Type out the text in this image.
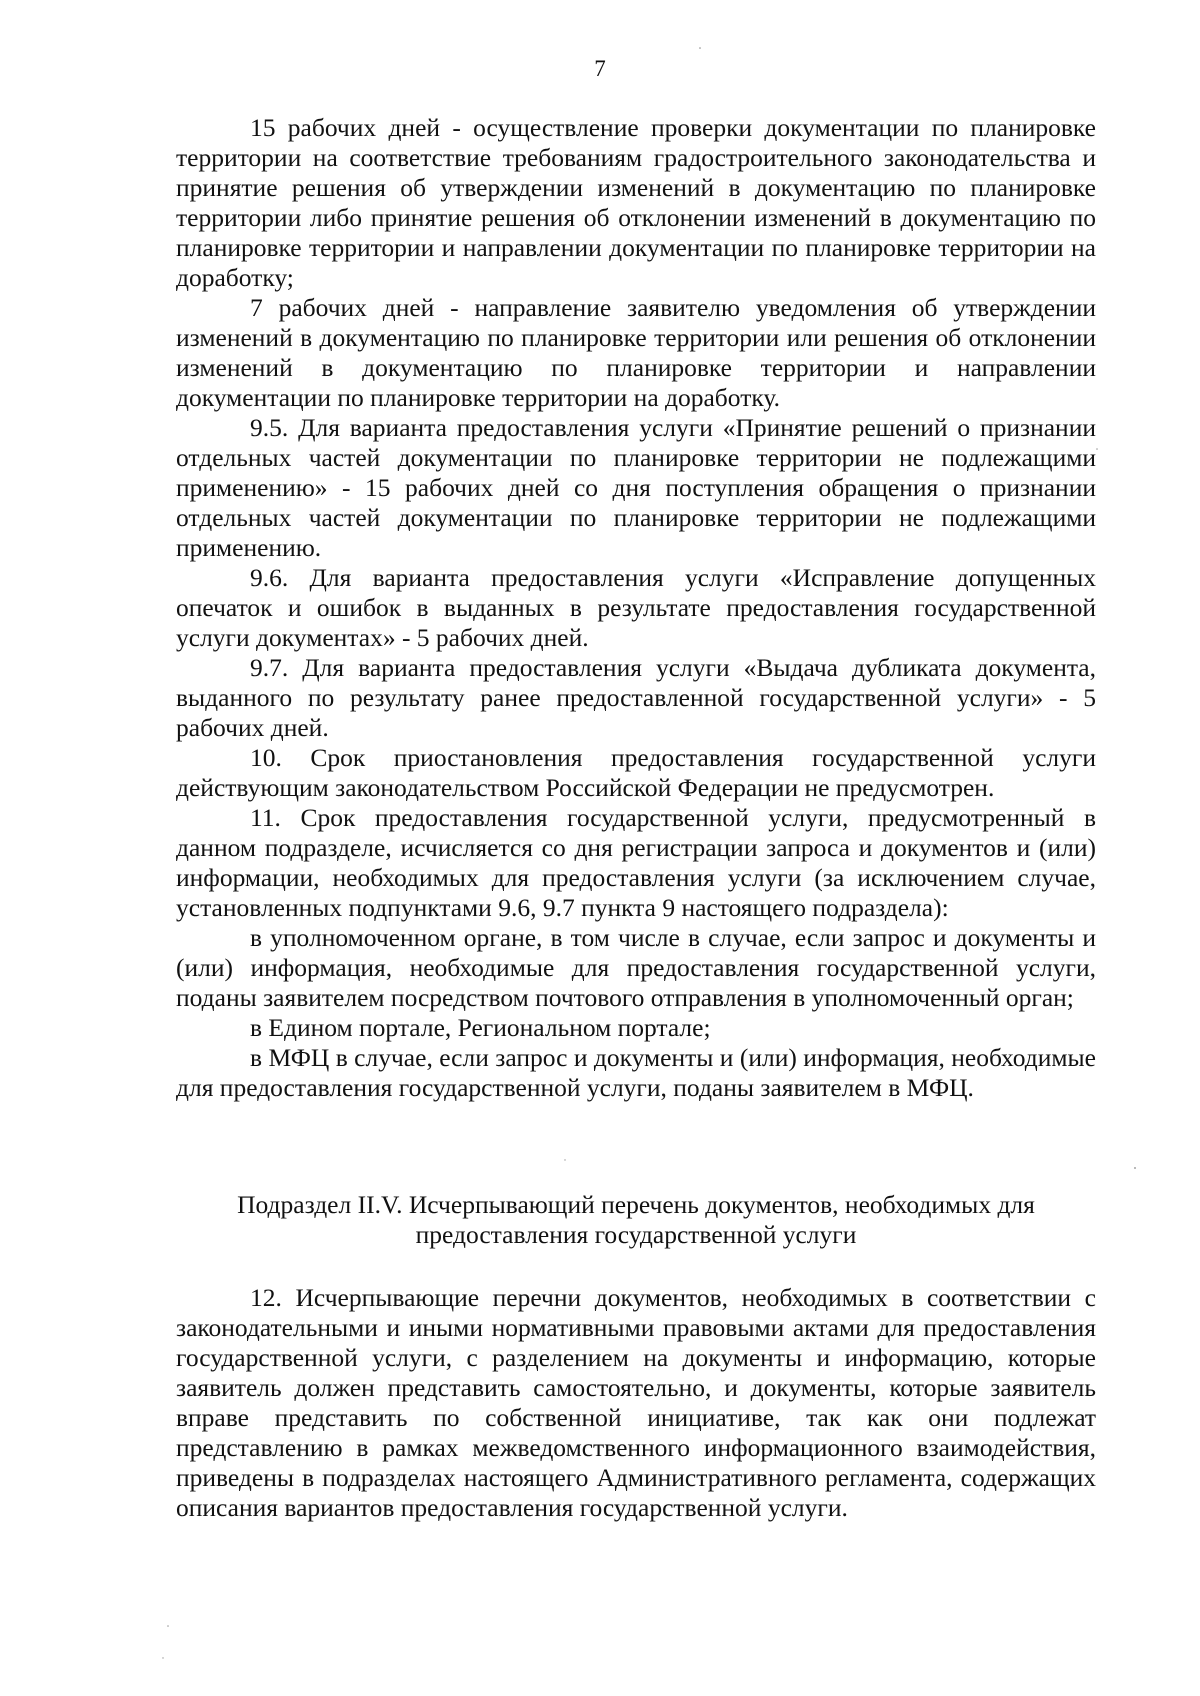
7

15 рабочих дней - осуществление проверки документации по планировке территории на соответствие требованиям градостроительного законодательства и принятие решения об утверждении изменений в документацию по планировке территории либо принятие решения об отклонении изменений в документацию по планировке территории и направлении документации по планировке территории на доработку;

7 рабочих дней - направление заявителю уведомления об утверждении изменений в документацию по планировке территории или решения об отклонении изменений в документацию по планировке территории и направлении документации по планировке территории на доработку.

9.5. Для варианта предоставления услуги «Принятие решений о признании отдельных частей документации по планировке территории не подлежащими применению» - 15 рабочих дней со дня поступления обращения о признании отдельных частей документации по планировке территории не подлежащими применению.

9.6. Для варианта предоставления услуги «Исправление допущенных опечаток и ошибок в выданных в результате предоставления государственной услуги документах» - 5 рабочих дней.

9.7. Для варианта предоставления услуги «Выдача дубликата документа, выданного по результату ранее предоставленной государственной услуги» - 5 рабочих дней.

10. Срок приостановления предоставления государственной услуги действующим законодательством Российской Федерации не предусмотрен.

11. Срок предоставления государственной услуги, предусмотренный в данном подразделе, исчисляется со дня регистрации запроса и документов и (или) информации, необходимых для предоставления услуги (за исключением случае, установленных подпунктами 9.6, 9.7 пункта 9 настоящего подраздела):

в уполномоченном органе, в том числе в случае, если запрос и документы и (или) информация, необходимые для предоставления государственной услуги, поданы заявителем посредством почтового отправления в уполномоченный орган;

в Едином портале, Региональном портале;

в МФЦ в случае, если запрос и документы и (или) информация, необходимые для предоставления государственной услуги, поданы заявителем в МФЦ.

Подраздел II.V. Исчерпывающий перечень документов, необходимых для
предоставления государственной услуги

12. Исчерпывающие перечни документов, необходимых в соответствии с законодательными и иными нормативными правовыми актами для предоставления государственной услуги, с разделением на документы и информацию, которые заявитель должен представить самостоятельно, и документы, которые заявитель вправе представить по собственной инициативе, так как они подлежат представлению в рамках межведомственного информационного взаимодействия, приведены в подразделах настоящего Административного регламента, содержащих описания вариантов предоставления государственной услуги.
